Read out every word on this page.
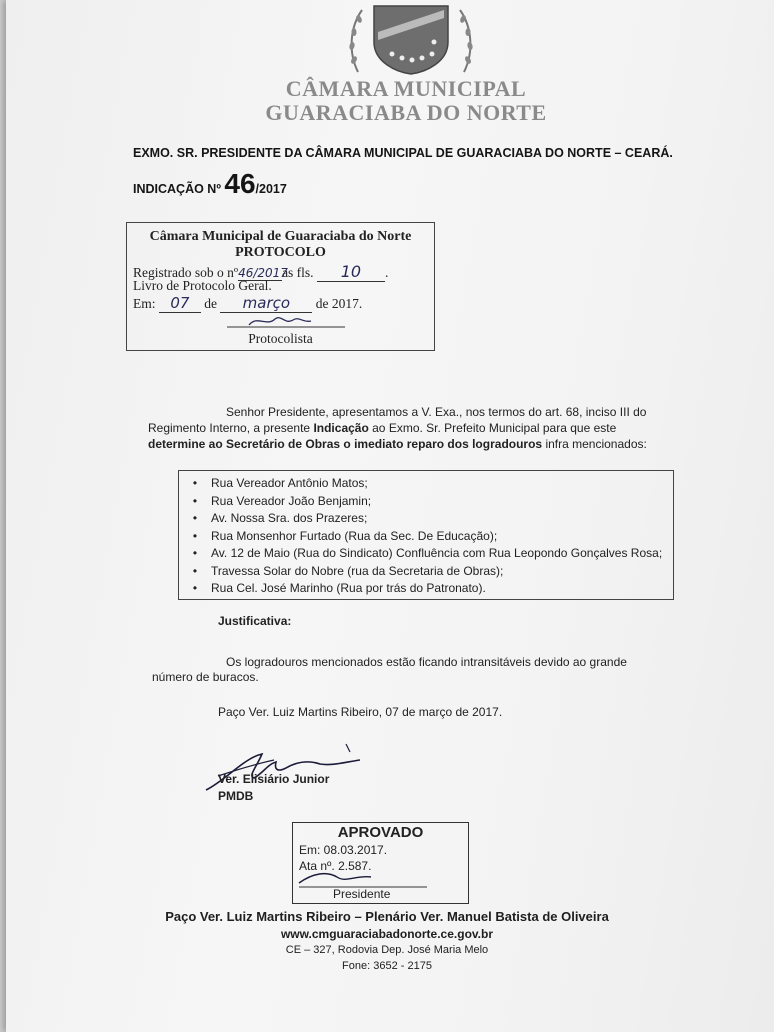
CÂMARA MUNICIPAL
GUARACIABA DO NORTE
EXMO. SR. PRESIDENTE DA CÂMARA MUNICIPAL DE GUARACIABA DO NORTE – CEARÁ.
INDICAÇÃO Nº 46/2017
Câmara Municipal de Guaraciaba do Norte
PROTOCOLO
Registrado sob o nº46/2017as fls. 10 .
Livro de Protocolo Geral.
Em: 07 de março de 2017.
Protocolista
Senhor Presidente, apresentamos a V. Exa., nos termos do art. 68, inciso III do
Regimento Interno, a presente Indicação ao Exmo. Sr. Prefeito Municipal para que este
determine ao Secretário de Obras o imediato reparo dos logradouros infra mencionados:
•	Rua Vereador Antônio Matos;
•	Rua Vereador João Benjamin;
•	Av. Nossa Sra. dos Prazeres;
•	Rua Monsenhor Furtado (Rua da Sec. De Educação);
•	Av. 12 de Maio (Rua do Sindicato) Confluência com Rua Leopondo Gonçalves Rosa;
•	Travessa Solar do Nobre (rua da Secretaria de Obras);
•	Rua Cel. José Marinho (Rua por trás do Patronato).
Justificativa:
Os logradouros mencionados estão ficando intransitáveis devido ao grande
número de buracos.
Paço Ver. Luiz Martins Ribeiro, 07 de março de 2017.
Ver. Elisiário Junior
PMDB
APROVADO
Em: 08.03.2017.
Ata nº. 2.587.
Presidente
Paço Ver. Luiz Martins Ribeiro – Plenário Ver. Manuel Batista de Oliveira
www.cmguaraciabadonorte.ce.gov.br
CE – 327, Rodovia Dep. José Maria Melo
Fone: 3652 - 2175
